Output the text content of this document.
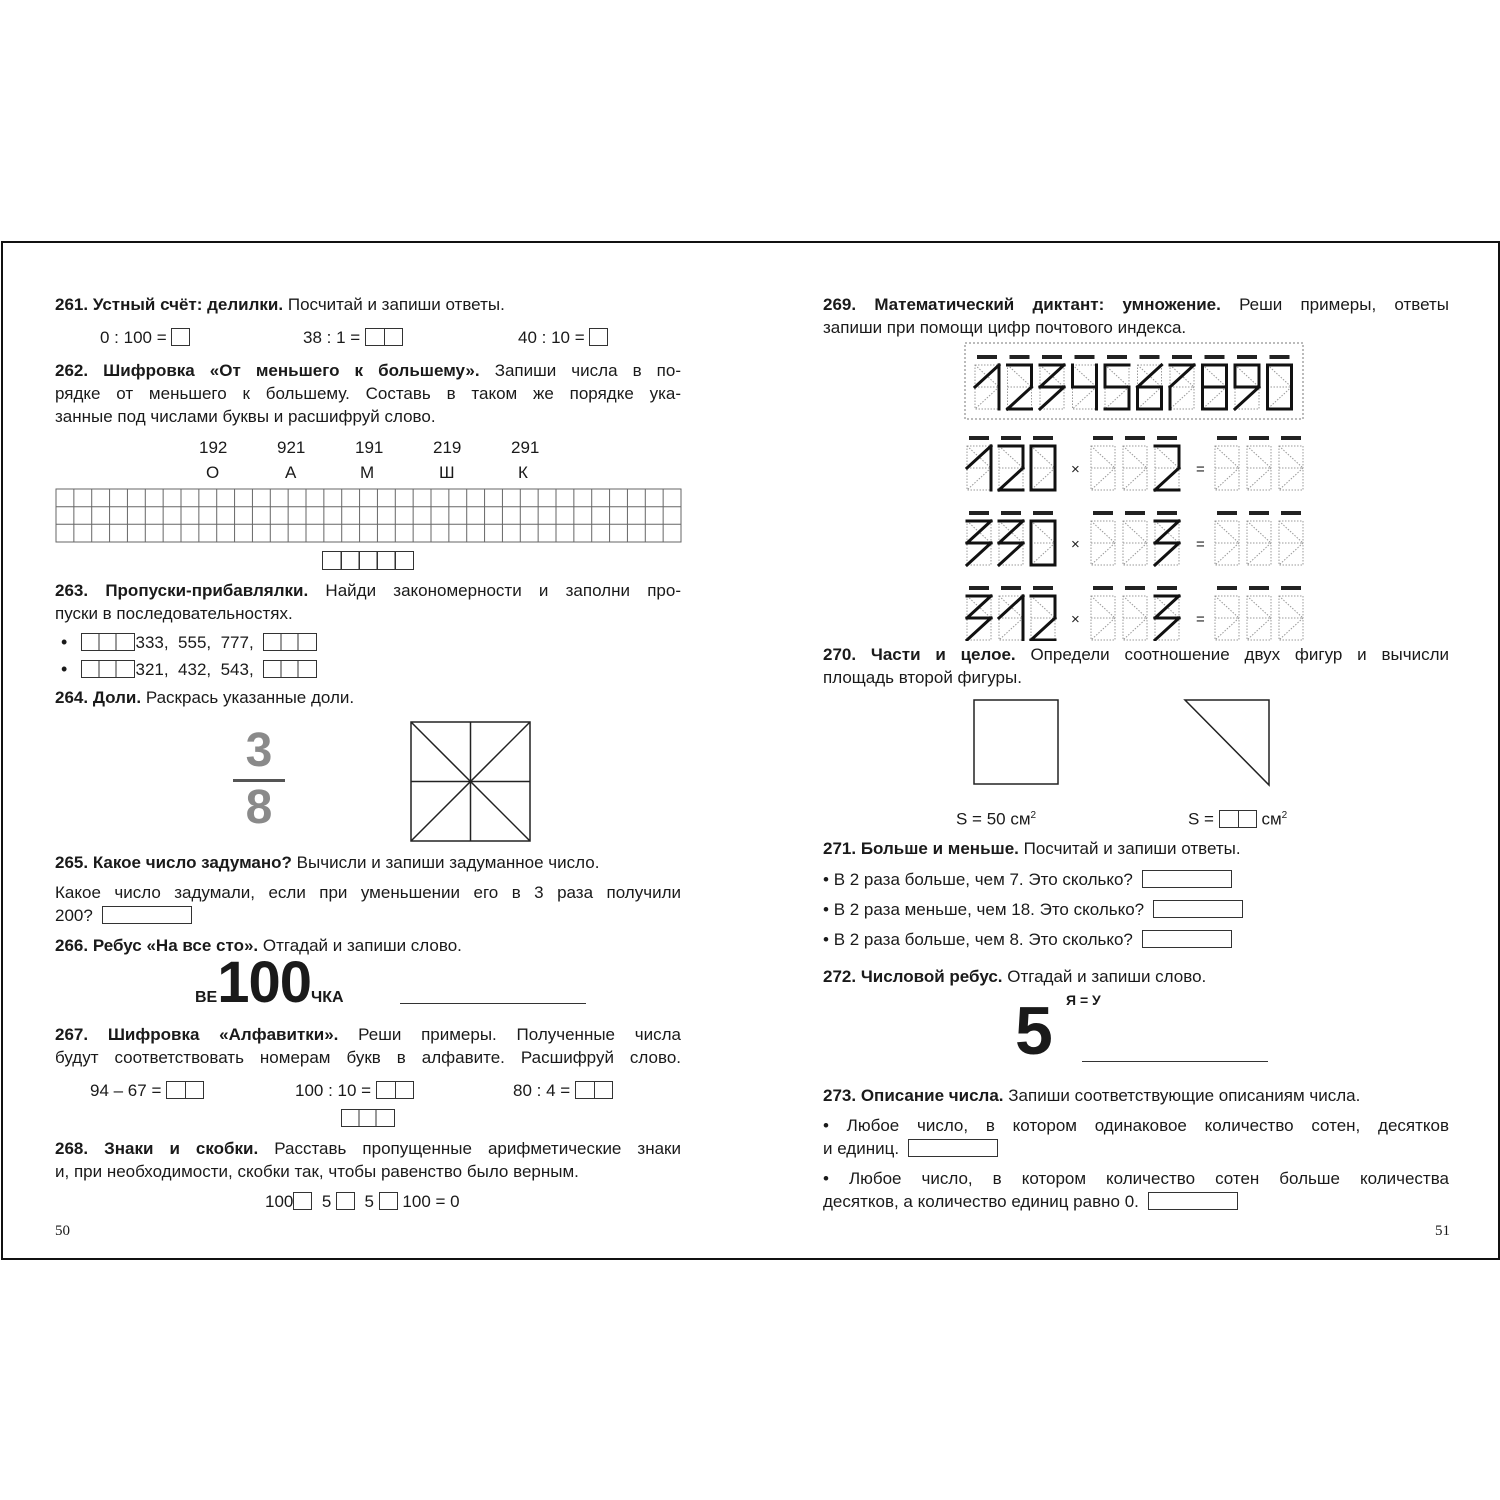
261. Устный счёт: делилки. Посчитай и запиши ответы.
0 : 100 =	38 : 1 =	40 : 10 =
262. Шифровка «От меньшего к большему». Запиши числа в по-
рядке от меньшего к большему. Составь в таком же порядке ука-
занные под числами буквы и расшифруй слово.
192	921	191	219	291
О	А	М	Ш	К
263. Пропуски-прибавлялки. Найди закономерности и заполни про-
пуски в последовательностях.
•	333, 555, 777,
•	321, 432, 543,
264. Доли. Раскрась указанные доли.
3
8
265. Какое число задумано? Вычисли и запиши задуманное число.
Какое число задумали, если при уменьшении его в 3 раза получили
200?
266. Ребус «На все сто». Отгадай и запиши слово.
ВЕ100ЧКА
267. Шифровка «Алфавитки». Реши примеры. Полученные числа
будут соответствовать номерам букв в алфавите. Расшифруй слово.
94 – 67 =	100 : 10 =	80 : 4 =
268. Знаки и скобки. Расставь пропущенные арифметические знаки
и, при необходимости, скобки так, чтобы равенство было верным.
100 5 5 100 = 0
50
269. Математический диктант: умножение. Реши примеры, ответы
запиши при помощи цифр почтового индекса.
×	=
×	=
×	=
270. Части и целое. Определи соотношение двух фигур и вычисли
площадь второй фигуры.
S = 50 $см^2$	S =	$см^2$
271. Больше и меньше. Посчитай и запиши ответы.
• В 2 раза больше, чем 7. Это сколько?
• В 2 раза меньше, чем 18. Это сколько?
• В 2 раза больше, чем 8. Это сколько?
272. Числовой ребус. Отгадай и запиши слово.
5 Я = У
273. Описание числа. Запиши соответствующие описаниям числа.
• Любое число, в котором одинаковое количество сотен, десятков
и единиц.
• Любое число, в котором количество сотен больше количества
десятков, а количество единиц равно 0.
51
